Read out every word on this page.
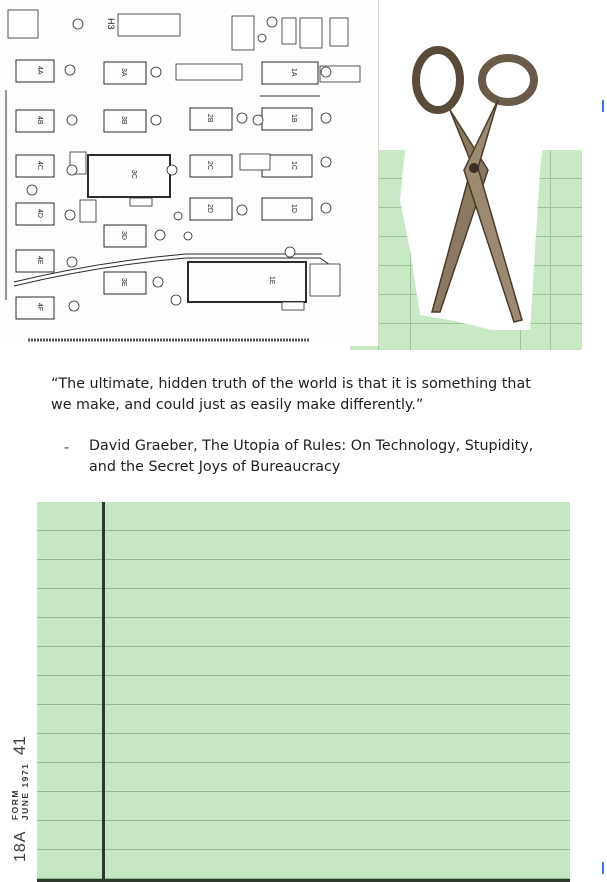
4A
4B
4C
4D
4E
4F
3A
3B
3C
3D
3E
2B
2C
2D
1A
1B
1C
1D
1E
H3
“The ultimate, hidden truth of the world is that it is something that
we make, and could just as easily make differently.”
- David Graeber, The Utopia of Rules: On Technology, Stupidity,
and the Secret Joys of Bureaucracy
18A
FORM JUNE 1971
41
